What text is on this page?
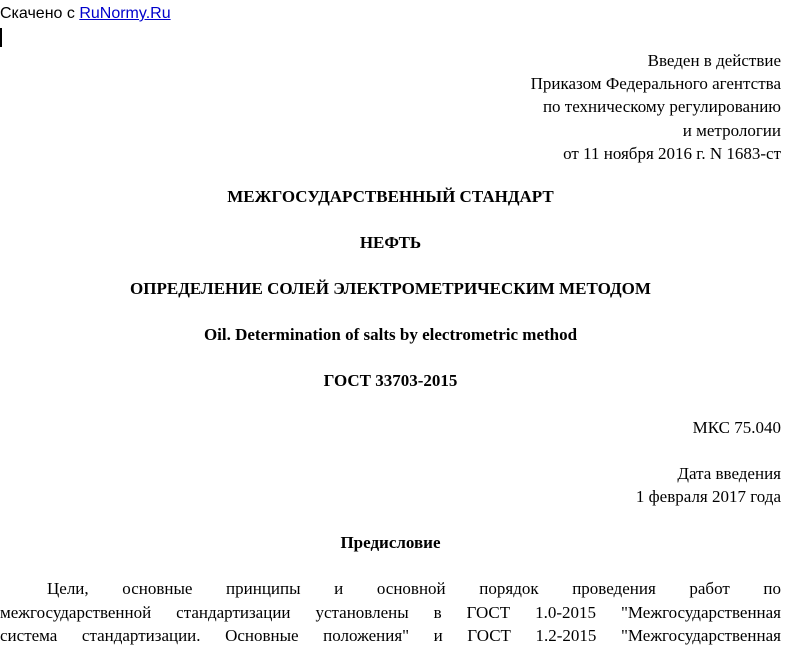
Скачено с RuNormy.Ru
Введен в действие
Приказом Федерального агентства
по техническому регулированию
и метрологии
от 11 ноября 2016 г. N 1683-ст
МЕЖГОСУДАРСТВЕННЫЙ СТАНДАРТ
НЕФТЬ
ОПРЕДЕЛЕНИЕ СОЛЕЙ ЭЛЕКТРОМЕТРИЧЕСКИМ МЕТОДОМ
Oil. Determination of salts by electrometric method
ГОСТ 33703-2015
МКС 75.040
Дата введения
1 февраля 2017 года
Предисловие
Цели, основные принципы и основной порядок проведения работ по
межгосударственной стандартизации установлены в ГОСТ 1.0-2015 "Межгосударственная
система стандартизации. Основные положения" и ГОСТ 1.2-2015 "Межгосударственная
